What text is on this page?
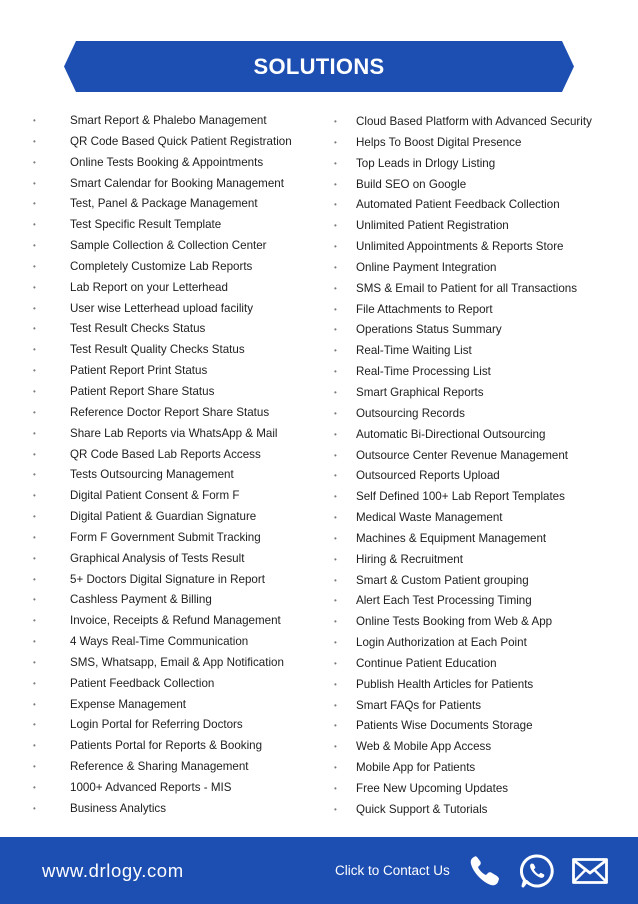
SOLUTIONS
•	Smart Report & Phalebo Management
•	QR Code Based Quick Patient Registration
•	Online Tests Booking & Appointments
•	Smart Calendar for Booking Management
•	Test, Panel & Package Management
•	Test Specific Result Template
•	Sample Collection & Collection Center
•	Completely Customize Lab Reports
•	Lab Report on your Letterhead
•	User wise Letterhead upload facility
•	Test Result Checks Status
•	Test Result Quality Checks Status
•	Patient Report Print Status
•	Patient Report Share Status
•	Reference Doctor Report Share Status
•	Share Lab Reports via WhatsApp & Mail
•	QR Code Based Lab Reports Access
•	Tests Outsourcing Management
•	Digital Patient Consent & Form F
•	Digital Patient & Guardian Signature
•	Form F Government Submit Tracking
•	Graphical Analysis of Tests Result
•	5+ Doctors Digital Signature in Report
•	Cashless Payment & Billing
•	Invoice, Receipts & Refund Management
•	4 Ways Real-Time Communication
•	SMS, Whatsapp, Email & App Notification
•	Patient Feedback Collection
•	Expense Management
•	Login Portal for Referring Doctors
•	Patients Portal for Reports & Booking
•	Reference & Sharing Management
•	1000+ Advanced Reports - MIS
•	Business Analytics
• Cloud Based Platform with Advanced Security
• Helps To Boost Digital Presence
• Top Leads in Drlogy Listing
• Build SEO on Google
• Automated Patient Feedback Collection
• Unlimited Patient Registration
• Unlimited Appointments & Reports Store
• Online Payment Integration
• SMS & Email to Patient for all Transactions
• File Attachments to Report
• Operations Status Summary
• Real-Time Waiting List
• Real-Time Processing List
• Smart Graphical Reports
• Outsourcing Records
• Automatic Bi-Directional Outsourcing
• Outsource Center Revenue Management
• Outsourced Reports Upload
• Self Defined 100+ Lab Report Templates
• Medical Waste Management
• Machines & Equipment Management
• Hiring & Recruitment
• Smart & Custom Patient grouping
• Alert Each Test Processing Timing
• Online Tests Booking from Web & App
• Login Authorization at Each Point
• Continue Patient Education
• Publish Health Articles for Patients
• Smart FAQs for Patients
• Patients Wise Documents Storage
• Web & Mobile App Access
• Mobile App for Patients
• Free New Upcoming Updates
• Quick Support & Tutorials
www.drlogy.com	Click to Contact Us
